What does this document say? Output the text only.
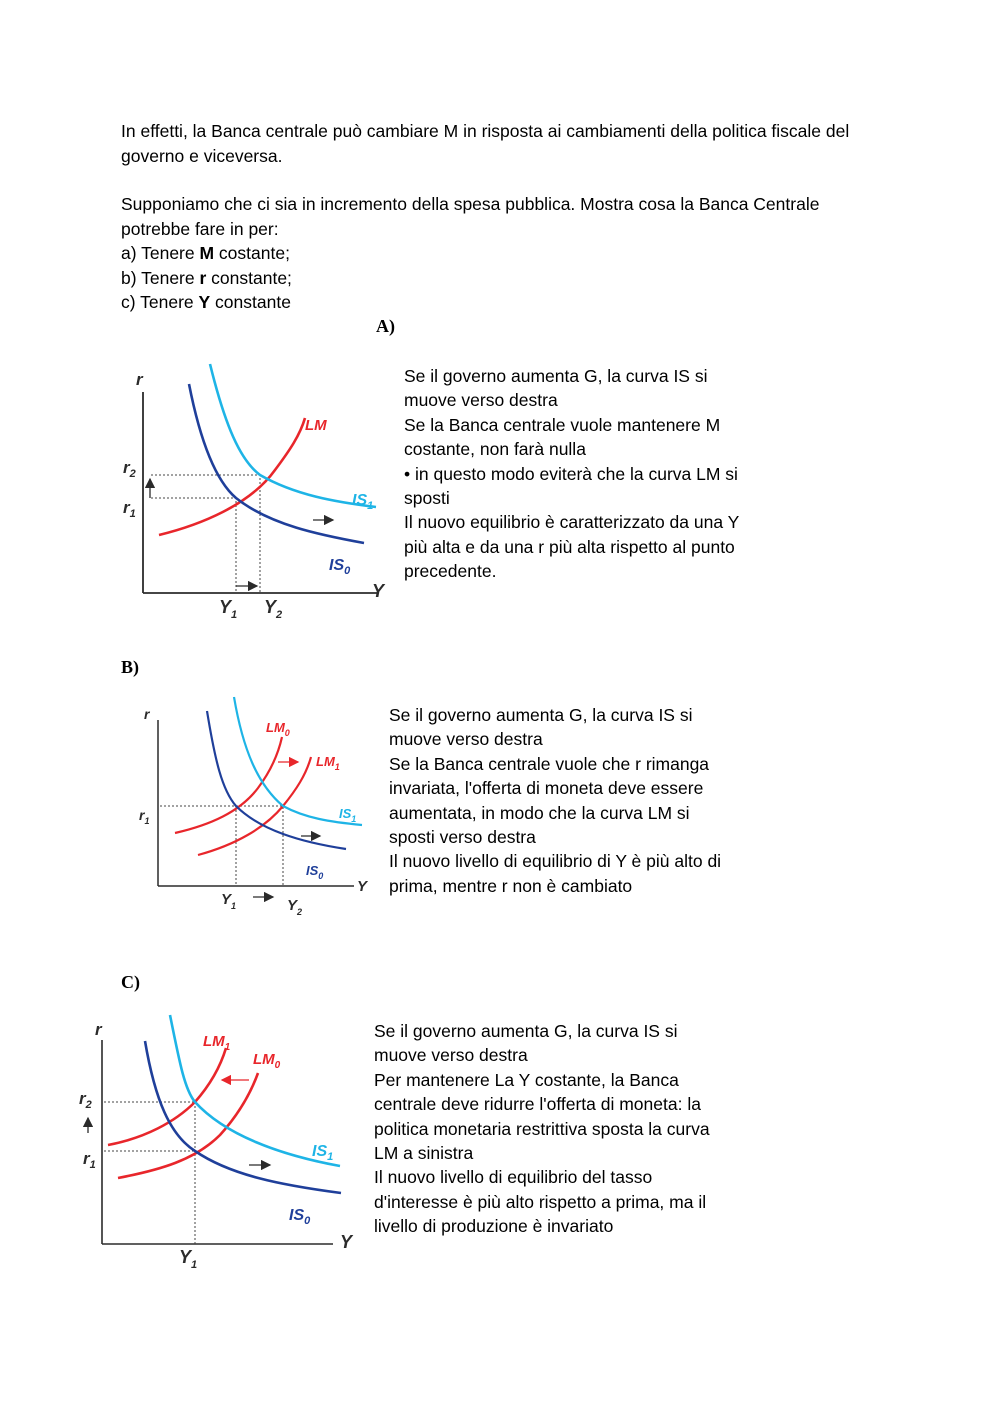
In effetti, la Banca centrale può cambiare M in risposta ai cambiamenti della politica fiscale del governo e viceversa.

Supponiamo che ci sia in incremento della spesa pubblica. Mostra cosa la Banca Centrale potrebbe fare in per:

a) Tenere M costante;

b) Tenere r constante;

c) Tenere Y constante

A)
r
Y
LM
$IS_1$
$IS_0$
$r_2$
$r_1$
$Y_1$ $Y_2$
Se il governo aumenta G, la curva IS si
muove verso destra
Se la Banca centrale vuole mantenere M
costante, non farà nulla
• in questo modo eviterà che la curva LM si
sposti
Il nuovo equilibrio è caratterizzato da una Y
più alta e da una r più alta rispetto al punto
precedente.
B)
r
Y
$LM_0$
$LM_1$
$IS_1$
$IS_0$
$r_1$
$Y_1$	$Y_2$
Se il governo aumenta G, la curva IS si
muove verso destra
Se la Banca centrale vuole che r rimanga
invariata, l'offerta di moneta deve essere
aumentata, in modo che la curva LM si
sposti verso destra
Il nuovo livello di equilibrio di Y è più alto di
prima, mentre r non è cambiato
C)
r
Y
$LM_1$
$LM_0$
$IS_1$
$IS_0$
$r_2$
$r_1$
$Y_1$
Se il governo aumenta G, la curva IS si
muove verso destra
Per mantenere La Y costante, la Banca
centrale deve ridurre l'offerta di moneta: la
politica monetaria restrittiva sposta la curva
LM a sinistra
Il nuovo livello di equilibrio del tasso
d'interesse è più alto rispetto a prima, ma il
livello di produzione è invariato
